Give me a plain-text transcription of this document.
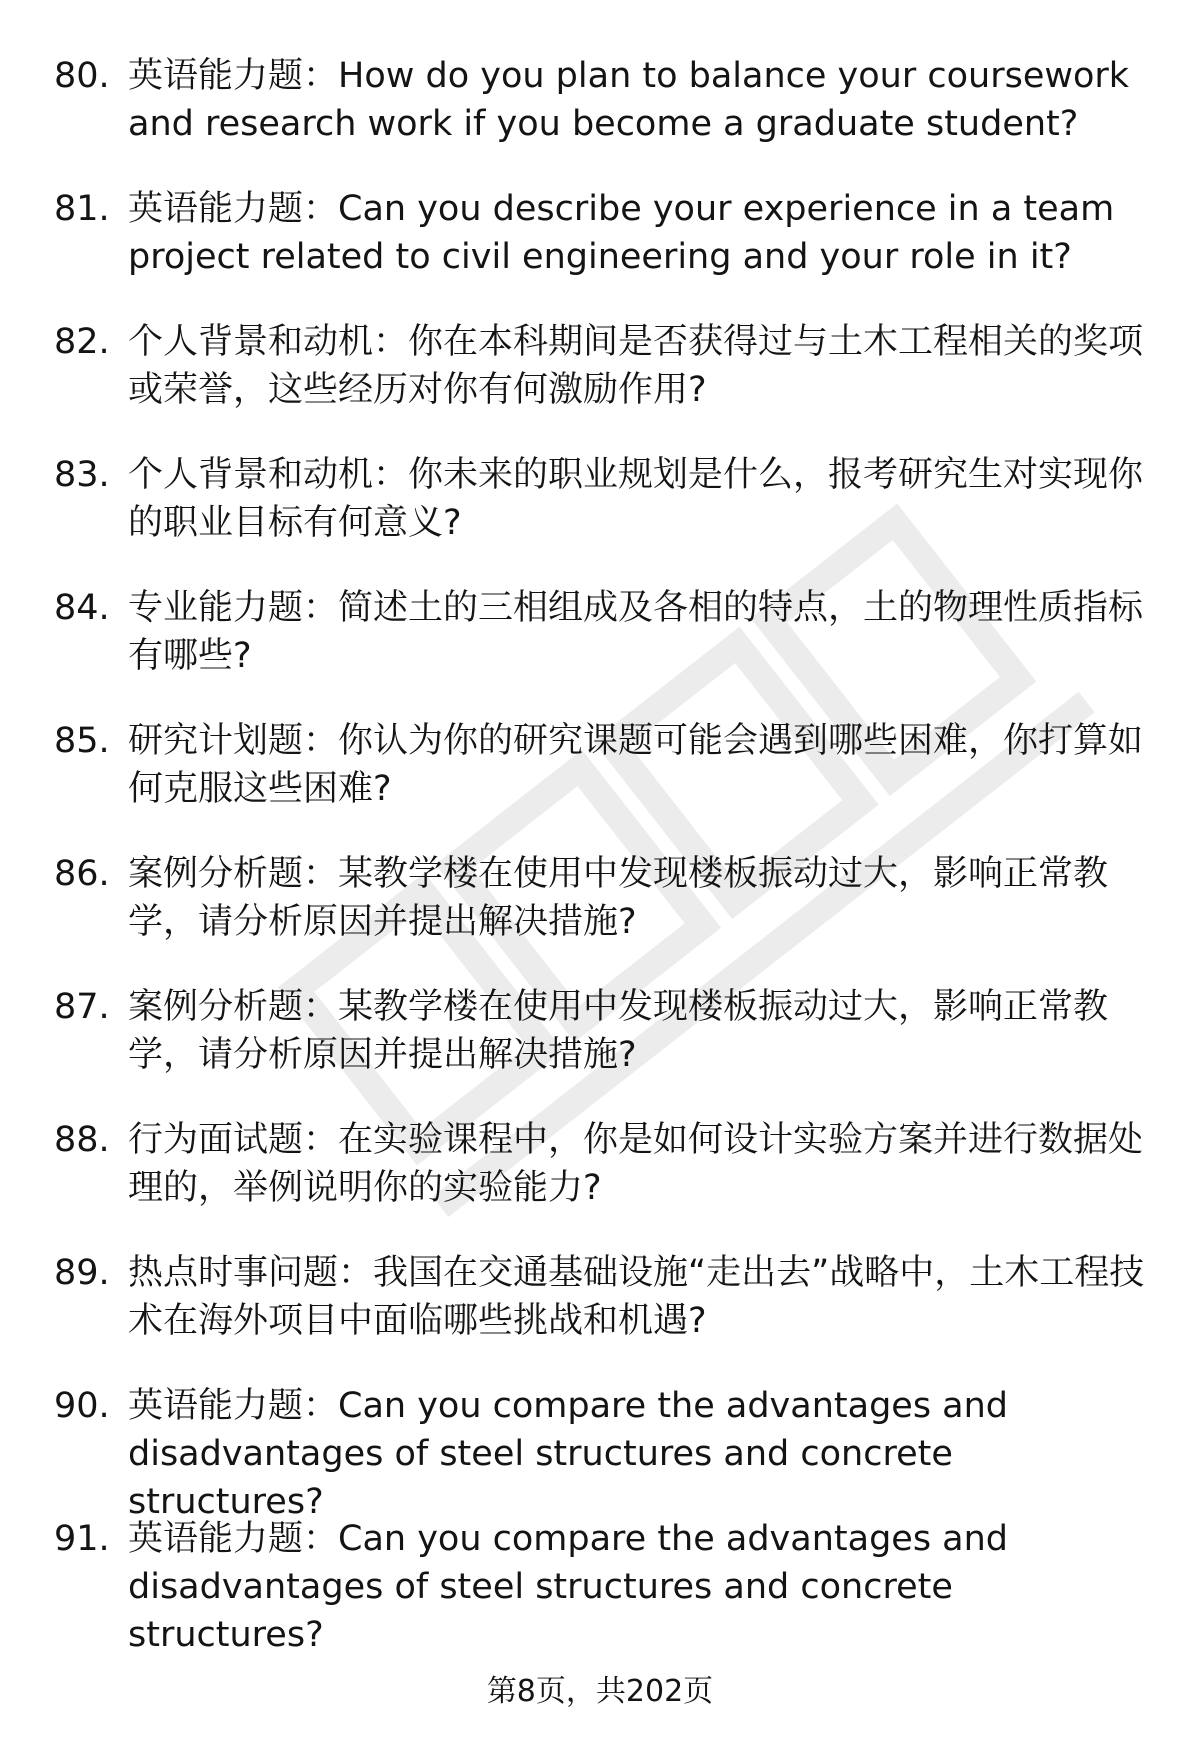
80. 英语能力题：How do you plan to balance your coursework and research work if you become a graduate student?
81. 英语能力题：Can you describe your experience in a team project related to civil engineering and your role in it?
82. 个人背景和动机：你在本科期间是否获得过与土木工程相关的奖项或荣誉，这些经历对你有何激励作用?
83. 个人背景和动机：你未来的职业规划是什么，报考研究生对实现你的职业目标有何意义?
84. 专业能力题：简述土的三相组成及各相的特点，土的物理性质指标有哪些?
85. 研究计划题：你认为你的研究课题可能会遇到哪些困难，你打算如何克服这些困难?
86. 案例分析题：某教学楼在使用中发现楼板振动过大，影响正常教学，请分析原因并提出解决措施?
87. 案例分析题：某教学楼在使用中发现楼板振动过大，影响正常教学，请分析原因并提出解决措施?
88. 行为面试题：在实验课程中，你是如何设计实验方案并进行数据处理的，举例说明你的实验能力?
89. 热点时事问题：我国在交通基础设施“走出去”战略中，土木工程技术在海外项目中面临哪些挑战和机遇?
90. 英语能力题：Can you compare the advantages and disadvantages of steel structures and concrete structures?
91. 英语能力题：Can you compare the advantages and disadvantages of steel structures and concrete structures?
第8页，共202页
